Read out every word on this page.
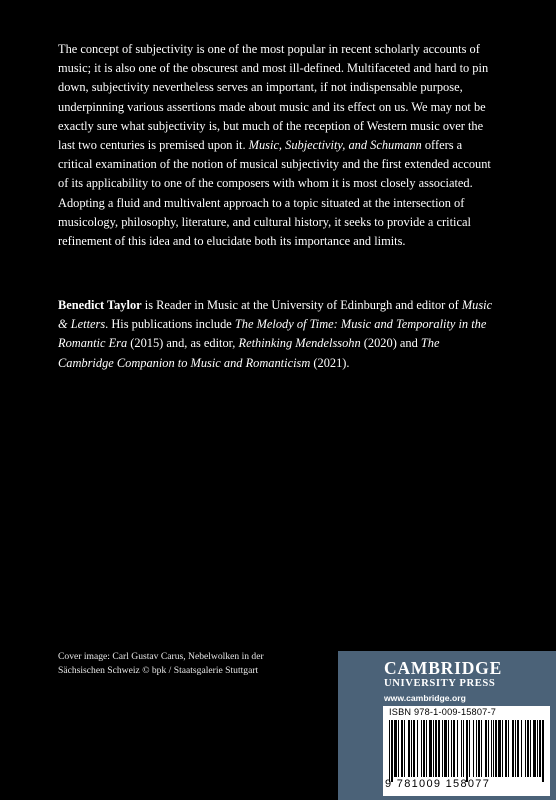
The concept of subjectivity is one of the most popular in recent scholarly accounts of music; it is also one of the obscurest and most ill-defined. Multifaceted and hard to pin down, subjectivity nevertheless serves an important, if not indispensable purpose, underpinning various assertions made about music and its effect on us. We may not be exactly sure what subjectivity is, but much of the reception of Western music over the last two centuries is premised upon it. Music, Subjectivity, and Schumann offers a critical examination of the notion of musical subjectivity and the first extended account of its applicability to one of the composers with whom it is most closely associated. Adopting a fluid and multivalent approach to a topic situated at the intersection of musicology, philosophy, literature, and cultural history, it seeks to provide a critical refinement of this idea and to elucidate both its importance and limits.

Benedict Taylor is Reader in Music at the University of Edinburgh and editor of Music & Letters. His publications include The Melody of Time: Music and Temporality in the Romantic Era (2015) and, as editor, Rethinking Mendelssohn (2020) and The Cambridge Companion to Music and Romanticism (2021).

Cover image: Carl Gustav Carus, Nebelwolken in der Sächsischen Schweiz © bpk / Staatsgalerie Stuttgart	CAMBRIDGE
UNIVERSITY PRESS
www.cambridge.org
ISBN 978-1-009-15807-7
9 781009 158077
